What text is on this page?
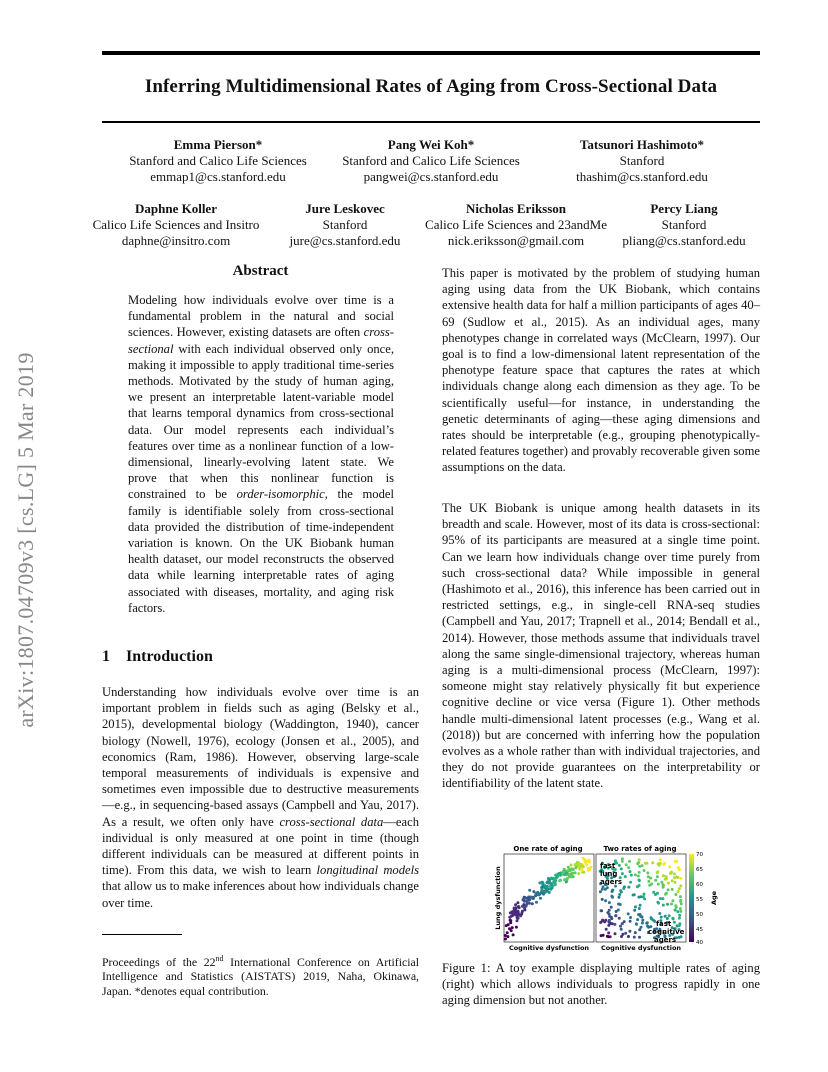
Inferring Multidimensional Rates of Aging from Cross-Sectional Data
Emma Pierson*
Stanford and Calico Life Sciences
emmap1@cs.stanford.edu
Pang Wei Koh*
Stanford and Calico Life Sciences
pangwei@cs.stanford.edu
Tatsunori Hashimoto*
Stanford
thashim@cs.stanford.edu
Daphne Koller
Calico Life Sciences and Insitro
daphne@insitro.com
Jure Leskovec
Stanford
jure@cs.stanford.edu
Nicholas Eriksson
Calico Life Sciences and 23andMe
nick.eriksson@gmail.com
Percy Liang
Stanford
pliang@cs.stanford.edu
arXiv:1807.04709v3 [cs.LG] 5 Mar 2019
Abstract
Modeling how individuals evolve over time is a fundamental problem in the natural and social sciences. However, existing datasets are often cross-sectional with each individual observed only once, making it impossible to apply traditional time-series methods. Motivated by the study of human aging, we present an interpretable latent-variable model that learns temporal dynamics from cross-sectional data. Our model represents each individual’s features over time as a nonlinear function of a low-dimensional, linearly-evolving latent state. We prove that when this nonlinear function is constrained to be order-isomorphic, the model family is identifiable solely from cross-sectional data provided the distribution of time-independent variation is known. On the UK Biobank human health dataset, our model reconstructs the observed data while learning interpretable rates of aging associated with diseases, mortality, and aging risk factors.
1 Introduction
Understanding how individuals evolve over time is an important problem in fields such as aging (Belsky et al., 2015), developmental biology (Waddington, 1940), cancer biology (Nowell, 1976), ecology (Jonsen et al., 2005), and economics (Ram, 1986). However, observing large-scale temporal measurements of individuals is expensive and sometimes even impossible due to destructive measurements—e.g., in sequencing-based assays (Campbell and Yau, 2017). As a result, we often only have cross-sectional data—each individual is only measured at one point in time (though different individuals can be measured at different points in time). From this data, we wish to learn longitudinal models that allow us to make inferences about how individuals change over time.
Proceedings of the 22nd International Conference on Artificial Intelligence and Statistics (AISTATS) 2019, Naha, Okinawa, Japan. *denotes equal contribution.
This paper is motivated by the problem of studying human aging using data from the UK Biobank, which contains extensive health data for half a million participants of ages 40–69 (Sudlow et al., 2015). As an individual ages, many phenotypes change in correlated ways (McClearn, 1997). Our goal is to find a low-dimensional latent representation of the phenotype feature space that captures the rates at which individuals change along each dimension as they age. To be scientifically useful—for instance, in understanding the genetic determinants of aging—these aging dimensions and rates should be interpretable (e.g., grouping phenotypically-related features together) and provably recoverable given some assumptions on the data.
The UK Biobank is unique among health datasets in its breadth and scale. However, most of its data is cross-sectional: 95% of its participants are measured at a single time point. Can we learn how individuals change over time purely from such cross-sectional data? While impossible in general (Hashimoto et al., 2016), this inference has been carried out in restricted settings, e.g., in single-cell RNA-seq studies (Campbell and Yau, 2017; Trapnell et al., 2014; Bendall et al., 2014). However, those methods assume that individuals travel along the same single-dimensional trajectory, whereas human aging is a multi-dimensional process (McClearn, 1997): someone might stay relatively physically fit but experience cognitive decline or vice versa (Figure 1). Other methods handle multi-dimensional latent processes (e.g., Wang et al. (2018)) but are concerned with inferring how the population evolves as a whole rather than with individual trajectories, and they do not provide guarantees on the interpretability or identifiability of the latent state.
One rate of aging	Two rates of aging
Lung dysfunction
Cognitive dysfunction Cognitive dysfunction
fast
lung
agers
fast
cognitive
agers
70
65
60
55
50
45
40
Age
Figure 1: A toy example displaying multiple rates of aging (right) which allows individuals to progress rapidly in one aging dimension but not another.
